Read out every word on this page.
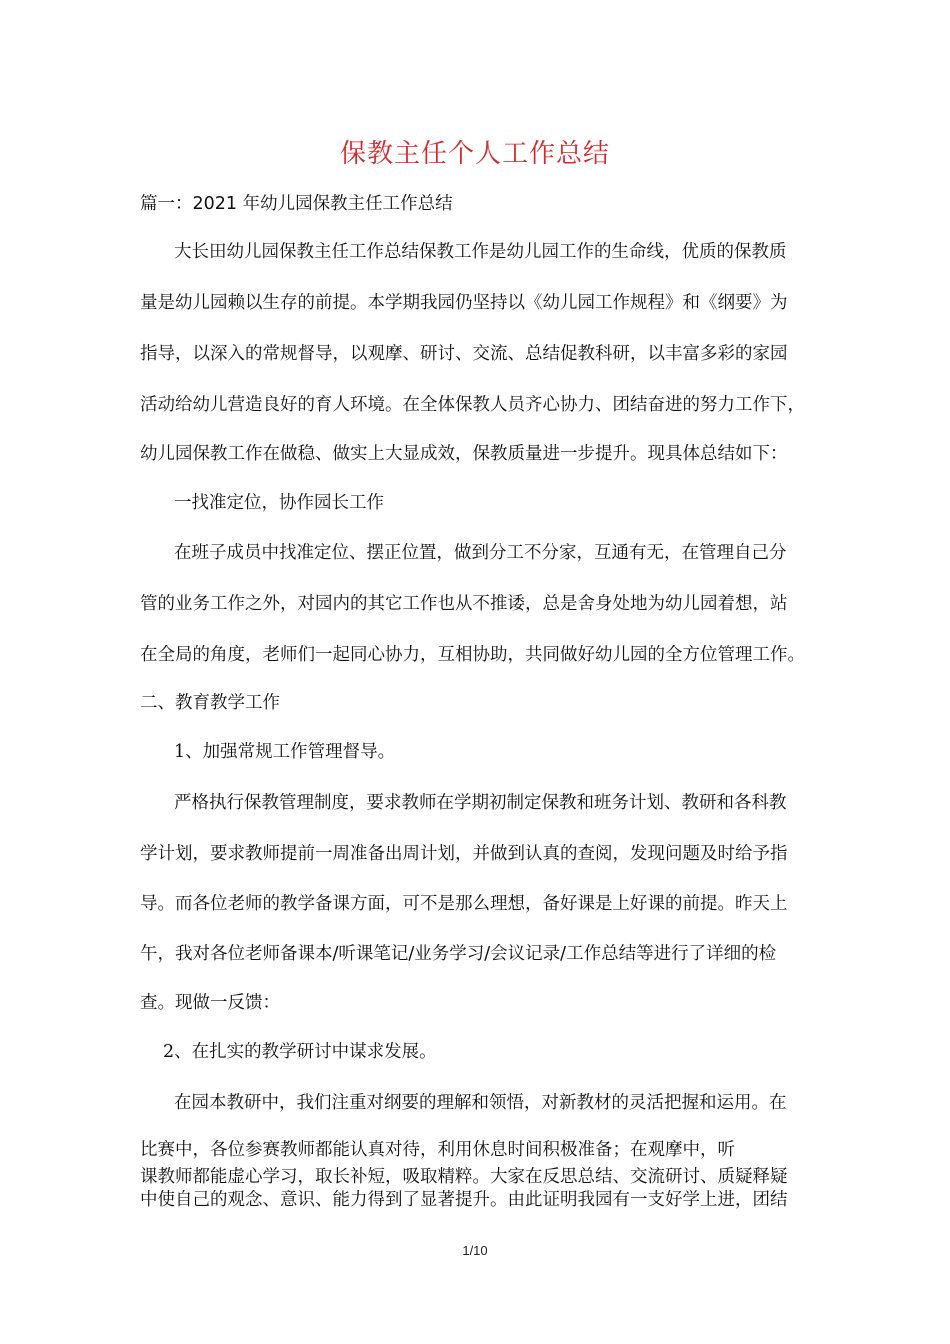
保教主任个人工作总结
篇一：2021 年幼儿园保教主任工作总结
大长田幼儿园保教主任工作总结保教工作是幼儿园工作的生命线，优质的保教质
量是幼儿园赖以生存的前提。本学期我园仍坚持以《幼儿园工作规程》和《纲要》为
指导，以深入的常规督导，以观摩、研讨、交流、总结促教科研，以丰富多彩的家园
活动给幼儿营造良好的育人环境。在全体保教人员齐心协力、团结奋进的努力工作下，
幼儿园保教工作在做稳、做实上大显成效，保教质量进一步提升。现具体总结如下：
一找准定位，协作园长工作
在班子成员中找准定位、摆正位置，做到分工不分家，互通有无，在管理自己分
管的业务工作之外，对园内的其它工作也从不推诿，总是舍身处地为幼儿园着想，站
在全局的角度，老师们一起同心协力，互相协助，共同做好幼儿园的全方位管理工作。
二、教育教学工作
1、加强常规工作管理督导。
严格执行保教管理制度，要求教师在学期初制定保教和班务计划、教研和各科教
学计划，要求教师提前一周准备出周计划，并做到认真的查阅，发现问题及时给予指
导。而各位老师的教学备课方面，可不是那么理想，备好课是上好课的前提。昨天上
午，我对各位老师备课本/听课笔记/业务学习/会议记录/工作总结等进行了详细的检
查。现做一反馈：
2、在扎实的教学研讨中谋求发展。
在园本教研中，我们注重对纲要的理解和领悟，对新教材的灵活把握和运用。在
比赛中，各位参赛教师都能认真对待，利用休息时间积极准备；在观摩中，听
课教师都能虚心学习，取长补短，吸取精粹。大家在反思总结、交流研讨、质疑释疑
中使自己的观念、意识、能力得到了显著提升。由此证明我园有一支好学上进，团结
1/10
